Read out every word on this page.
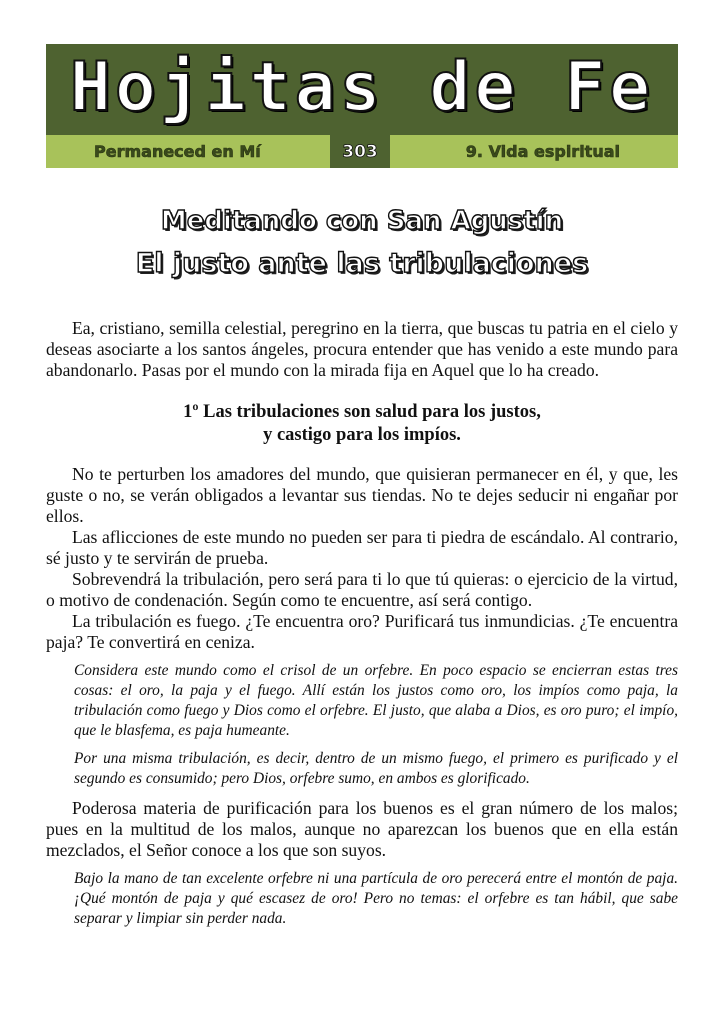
Hojitas de Fe
Permaneced en Mí	303	9. Vida espiritual
Meditando con San Agustín
El justo ante las tribulaciones

Ea, cristiano, semilla celestial, peregrino en la tierra, que buscas tu patria en el cielo y deseas asociarte a los santos ángeles, procura entender que has venido a este mundo para abandonarlo. Pasas por el mundo con la mirada fija en Aquel que lo ha creado.

1º Las tribulaciones son salud para los justos,
y castigo para los impíos.

No te perturben los amadores del mundo, que quisieran permanecer en él, y que, les guste o no, se verán obligados a levantar sus tiendas. No te dejes seducir ni engañar por ellos.

Las aflicciones de este mundo no pueden ser para ti piedra de escándalo. Al contrario, sé justo y te servirán de prueba.

Sobrevendrá la tribulación, pero será para ti lo que tú quieras: o ejercicio de la virtud, o motivo de condenación. Según como te encuentre, así será contigo.

La tribulación es fuego. ¿Te encuentra oro? Purificará tus inmundicias. ¿Te encuentra paja? Te convertirá en ceniza.

Considera este mundo como el crisol de un orfebre. En poco espacio se encierran estas tres cosas: el oro, la paja y el fuego. Allí están los justos como oro, los impíos como paja, la tribulación como fuego y Dios como el orfebre. El justo, que alaba a Dios, es oro puro; el impío, que le blasfema, es paja humeante.

Por una misma tribulación, es decir, dentro de un mismo fuego, el primero es purificado y el segundo es consumido; pero Dios, orfebre sumo, en ambos es glorificado.

Poderosa materia de purificación para los buenos es el gran número de los malos; pues en la multitud de los malos, aunque no aparezcan los buenos que en ella están mezclados, el Señor conoce a los que son suyos.

Bajo la mano de tan excelente orfebre ni una partícula de oro perecerá entre el montón de paja. ¡Qué montón de paja y qué escasez de oro! Pero no temas: el orfebre es tan hábil, que sabe separar y limpiar sin perder nada.
